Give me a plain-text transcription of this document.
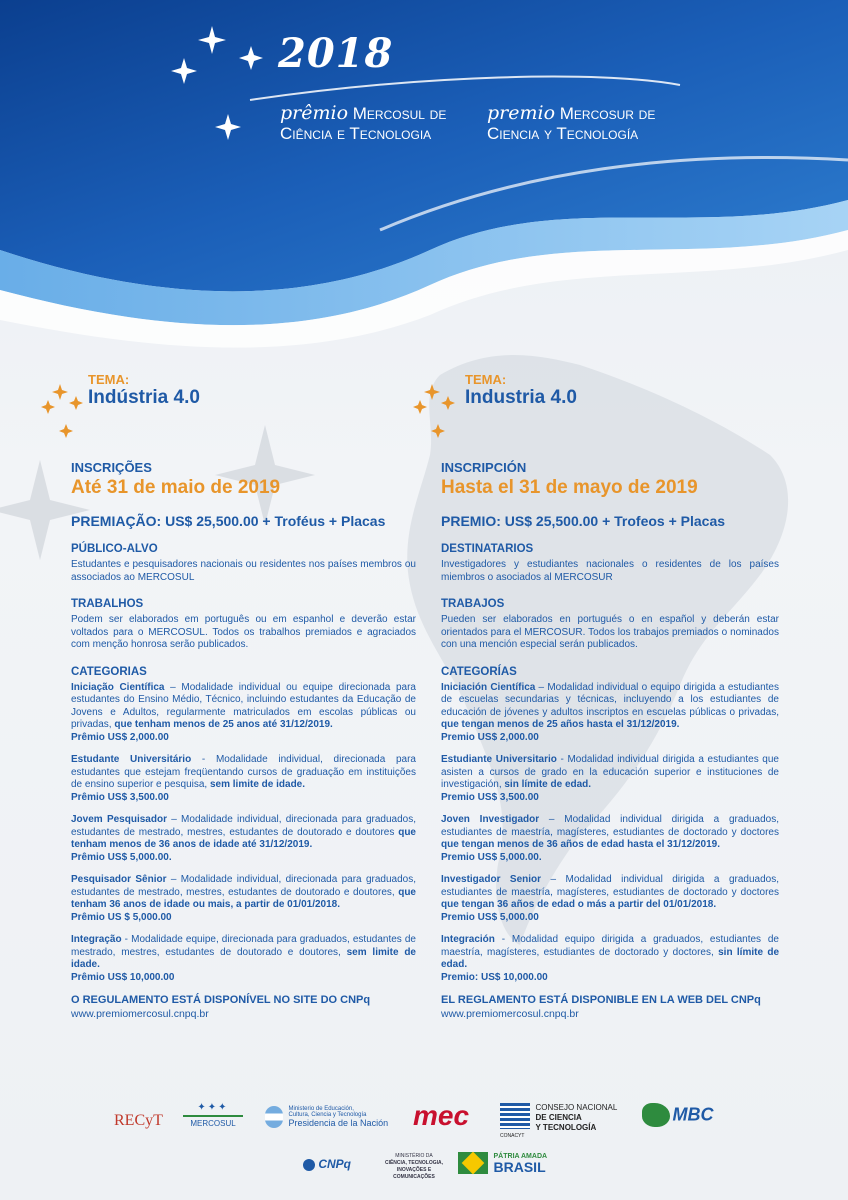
2018
prêmio Mercosul de
Ciência e Tecnologia
premio Mercosur de
Ciencia y Tecnología
TEMA:
Indústria 4.0
INSCRIÇÕES
Até 31 de maio de 2019
PREMIAÇÃO: US$ 25,500.00 + Troféus + Placas
PÚBLICO-ALVO

Estudantes e pesquisadores nacionais ou residentes nos países membros ou associados ao MERCOSUL

TRABALHOS

Podem ser elaborados em português ou em espanhol e deverão estar voltados para o MERCOSUL. Todos os trabalhos premiados e agraciados com menção honrosa serão publicados.

CATEGORIAS

Iniciação Científica – Modalidade individual ou equipe direcionada para estudantes do Ensino Médio, Técnico, incluindo estudantes da Educação de Jovens e Adultos, regularmente matriculados em escolas públicas ou privadas, que tenham menos de 25 anos até 31/12/2019.
Prêmio US$ 2,000.00

Estudante Universitário - Modalidade individual, direcionada para estudantes que estejam freqüentando cursos de graduação em instituições de ensino superior e pesquisa, sem limite de idade.
Prêmio US$ 3,500.00

Jovem Pesquisador – Modalidade individual, direcionada para graduados, estudantes de mestrado, mestres, estudantes de doutorado e doutores que tenham menos de 36 anos de idade até 31/12/2019.
Prêmio US$ 5,000.00.

Pesquisador Sênior – Modalidade individual, direcionada para graduados, estudantes de mestrado, mestres, estudantes de doutorado e doutores, que tenham 36 anos de idade ou mais, a partir de 01/01/2018.
Prêmio US $ 5,000.00

Integração - Modalidade equipe, direcionada para graduados, estudantes de mestrado, mestres, estudantes de doutorado e doutores, sem limite de idade.
Prêmio US$ 10,000.00

O REGULAMENTO ESTÁ DISPONÍVEL NO SITE DO CNPq
www.premiomercosul.cnpq.br
TEMA:
Industria 4.0
INSCRIPCIÓN
Hasta el 31 de mayo de 2019
PREMIO: US$ 25,500.00 + Trofeos + Placas
DESTINATARIOS

Investigadores y estudiantes nacionales o residentes de los países miembros o asociados al MERCOSUR

TRABAJOS

Pueden ser elaborados en portugués o en español y deberán estar orientados para el MERCOSUR. Todos los trabajos premiados o nominados con una mención especial serán publicados.

CATEGORÍAS

Iniciación Científica – Modalidad individual o equipo dirigida a estudiantes de escuelas secundarias y técnicas, incluyendo a los estudiantes de educación de jóvenes y adultos inscriptos en escuelas públicas o privadas, que tengan menos de 25 años hasta el 31/12/2019.
Premio US$ 2,000.00

Estudiante Universitario - Modalidad individual dirigida a estudiantes que asisten a cursos de grado en la educación superior e instituciones de investigación, sin límite de edad.
Premio US$ 3,500.00

Joven Investigador – Modalidad individual dirigida a graduados, estudiantes de maestría, magísteres, estudiantes de doctorado y doctores que tengan menos de 36 años de edad hasta el 31/12/2019.
Premio US$ 5,000.00.

Investigador Senior – Modalidad individual dirigida a graduados, estudiantes de maestría, magísteres, estudiantes de doctorado y doctores que tengan 36 años de edad o más a partir del 01/01/2018.
Premio US$ 5,000.00

Integración - Modalidad equipo dirigida a graduados, estudiantes de maestría, magísteres, estudiantes de doctorado y doctores, sin límite de edad.
Premio: US$ 10,000.00

EL REGLAMENTO ESTÁ DISPONIBLE EN LA WEB DEL CNPq
www.premiomercosul.cnpq.br
RECyT
✦✦✦
MERCOSUL

Ministerio de Educación,
Cultura, Ciencia y Tecnología
Presidencia de la Nación mec
	CONSEJO NACIONAL
DE CIENCIA
Y TECNOLOGÍA
CONACYT
MBC
CNPq
MINISTÉRIO DA
CIÊNCIA, TECNOLOGIA,
INOVAÇÕES E COMUNICAÇÕES

PÁTRIA AMADA
BRASIL
